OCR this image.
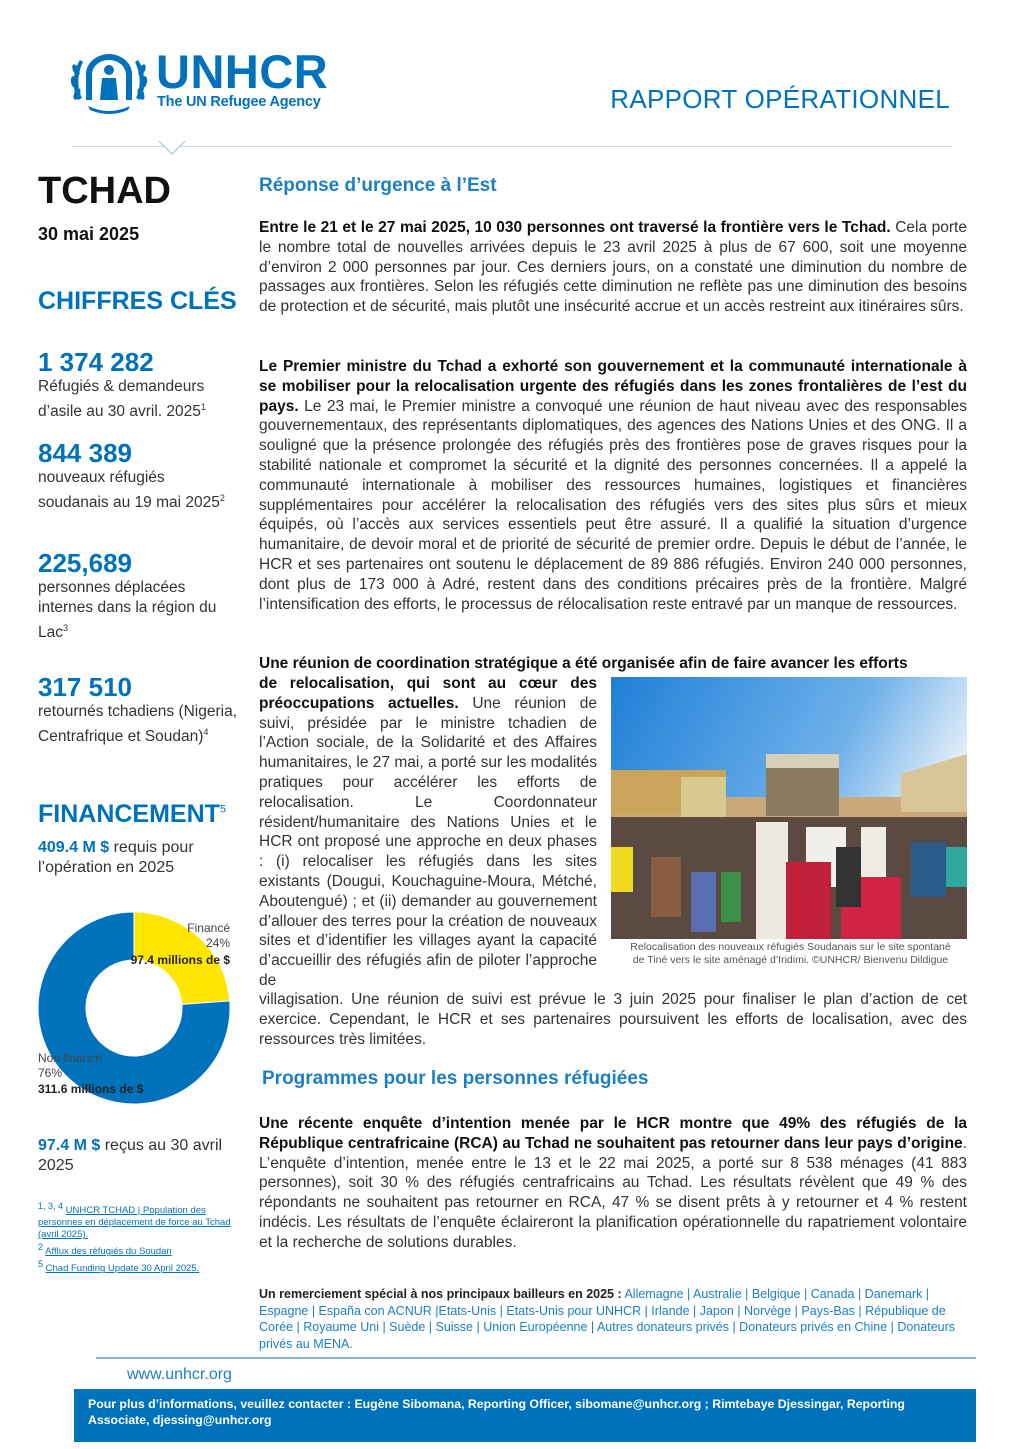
UNHCR
The UN Refugee Agency	RAPPORT OPÉRATIONNEL
TCHAD
30 mai 2025
CHIFFRES CLÉS
1 374 282
Réfugiés & demandeurs d’asile au 30 avril. 2025$^1$
844 389
nouveaux réfugiés soudanais au 19 mai 2025$^2$
225,689
personnes déplacées internes dans la région du Lac$^3$
317 510
retournés tchadiens (Nigeria, Centrafrique et Soudan)$^4$
FINANCEMENT$^5$
409.4 M $ requis pour l’opération en 2025
Financé
24%
97.4 millions de $
Non financé
76%
311.6 millions de $
97.4 M $ reçus au 30 avril 2025
$^{1, 3, 4}$ UNHCR TCHAD | Population des personnes en déplacement de force au Tchad (avril 2025).
$^2$ Afflux des réfugiés du Soudan
$^5$ Chad Funding Update 30 April 2025.
Réponse d’urgence à l’Est
Entre le 21 et le 27 mai 2025, 10 030 personnes ont traversé la frontière vers le Tchad. Cela porte le nombre total de nouvelles arrivées depuis le 23 avril 2025 à plus de 67 600, soit une moyenne d’environ 2 000 personnes par jour. Ces derniers jours, on a constaté une diminution du nombre de passages aux frontières. Selon les réfugiés cette diminution ne reflète pas une diminution des besoins de protection et de sécurité, mais plutôt une insécurité accrue et un accès restreint aux itinéraires sûrs.
Le Premier ministre du Tchad a exhorté son gouvernement et la communauté internationale à se mobiliser pour la relocalisation urgente des réfugiés dans les zones frontalières de l’est du pays. Le 23 mai, le Premier ministre a convoqué une réunion de haut niveau avec des responsables gouvernementaux, des représentants diplomatiques, des agences des Nations Unies et des ONG. Il a souligné que la présence prolongée des réfugiés près des frontières pose de graves risques pour la stabilité nationale et compromet la sécurité et la dignité des personnes concernées. Il a appelé la communauté internationale à mobiliser des ressources humaines, logistiques et financières supplémentaires pour accélérer la relocalisation des réfugiés vers des sites plus sûrs et mieux équipés, où l’accès aux services essentiels peut être assuré. Il a qualifié la situation d’urgence humanitaire, de devoir moral et de priorité de sécurité de premier ordre. Depuis le début de l’année, le HCR et ses partenaires ont soutenu le déplacement de 89 886 réfugiés. Environ 240 000 personnes, dont plus de 173 000 à Adré, restent dans des conditions précaires près de la frontière. Malgré l’intensification des efforts, le processus de rélocalisation reste entravé par un manque de ressources.
Une réunion de coordination stratégique a été organisée afin de faire avancer les efforts
de relocalisation, qui sont au cœur des préoccupations actuelles. Une réunion de suivi, présidée par le ministre tchadien de l’Action sociale, de la Solidarité et des Affaires humanitaires, le 27 mai, a porté sur les modalités pratiques pour accélérer les efforts de relocalisation. Le Coordonnateur résident/humanitaire des Nations Unies et le HCR ont proposé une approche en deux phases : (i) relocaliser les réfugiés dans les sites existants (Dougui, Kouchaguine-Moura, Métché, Aboutengué) ; et (ii) demander au gouvernement d’allouer des terres pour la création de nouveaux sites et d’identifier les villages ayant la capacité d’accueillir des réfugiés afin de piloter l’approche de
Relocalisation des nouveaux réfugiés Soudanais sur le site spontané de Tiné vers le site aménagé d’Iridimi. ©UNHCR/ Bienvenu Dildigue
villagisation. Une réunion de suivi est prévue le 3 juin 2025 pour finaliser le plan d’action de cet exercice. Cependant, le HCR et ses partenaires poursuivent les efforts de localisation, avec des ressources très limitées.
Programmes pour les personnes réfugiées
Une récente enquête d’intention menée par le HCR montre que 49% des réfugiés de la République centrafricaine (RCA) au Tchad ne souhaitent pas retourner dans leur pays d’origine. L’enquête d’intention, menée entre le 13 et le 22 mai 2025, a porté sur 8 538 ménages (41 883 personnes), soit 30 % des réfugiés centrafricains au Tchad. Les résultats révèlent que 49 % des répondants ne souhaitent pas retourner en RCA, 47 % se disent prêts à y retourner et 4 % restent indécis. Les résultats de l’enquête éclaireront la planification opérationnelle du rapatriement volontaire et la recherche de solutions durables.
Un remerciement spécial à nos principaux bailleurs en 2025 : Allemagne | Australie | Belgique | Canada | Danemark | Espagne | España con ACNUR |Etats-Unis | Etats-Unis pour UNHCR | Irlande | Japon | Norvège | Pays-Bas | République de Corée | Royaume Uni | Suède | Suisse | Union Européenne | Autres donateurs privés | Donateurs privés en Chine | Donateurs privés au MENA.
www.unhcr.org
Pour plus d’informations, veuillez contacter : Eugène Sibomana, Reporting Officer, sibomane@unhcr.org ; Rimtebaye Djessingar, Reporting Associate, djessing@unhcr.org
